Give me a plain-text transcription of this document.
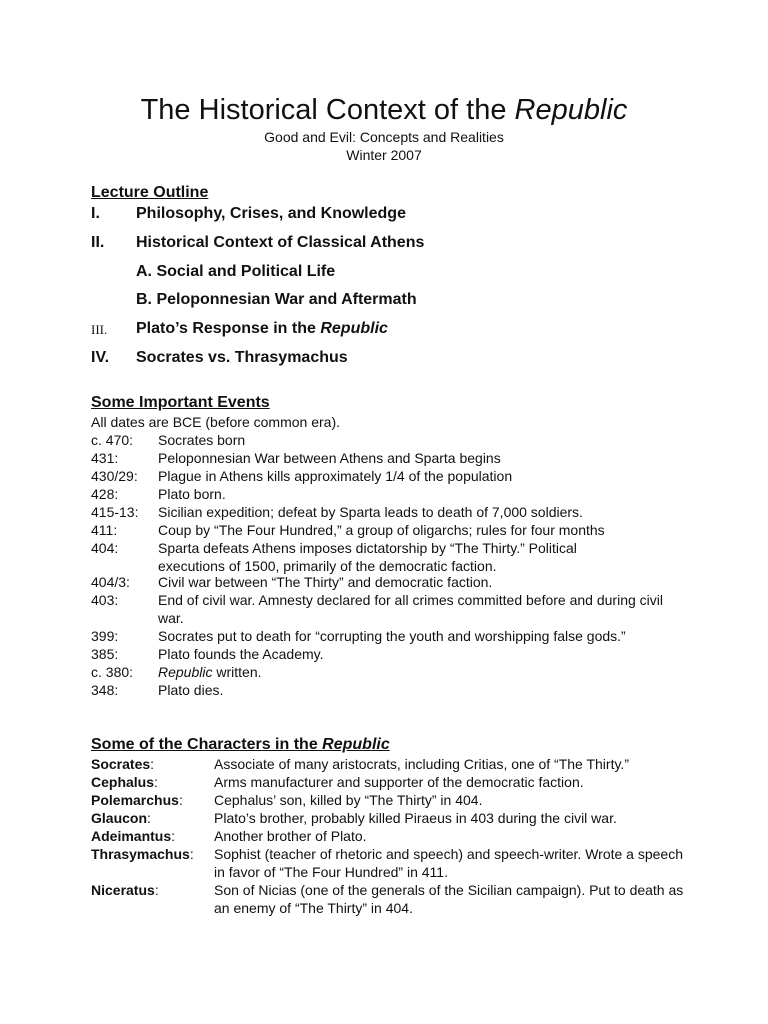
The Historical Context of the Republic
Good and Evil: Concepts and Realities
Winter 2007
Lecture Outline
I. Philosophy, Crises, and Knowledge
II. Historical Context of Classical Athens
A. Social and Political Life
B. Peloponnesian War and Aftermath
III. Plato’s Response in the Republic
IV. Socrates vs. Thrasymachus
Some Important Events
All dates are BCE (before common era).
c. 470: Socrates born
431:	Peloponnesian War between Athens and Sparta begins
430/29: Plague in Athens kills approximately 1/4 of the population
428:	Plato born.
415-13: Sicilian expedition; defeat by Sparta leads to death of 7,000 soldiers.
411:	Coup by “The Four Hundred,” a group of oligarchs; rules for four months
404:	Sparta defeats Athens imposes dictatorship by “The Thirty.” Political executions of 1500, primarily of the democratic faction.
404/3: Civil war between “The Thirty” and democratic faction.
403:	End of civil war. Amnesty declared for all crimes committed before and during civil war.
399:	Socrates put to death for “corrupting the youth and worshipping false gods.”
385:	Plato founds the Academy.
c. 380: Republic written.
348:	Plato dies.
Some of the Characters in the Republic
Socrates:	Associate of many aristocrats, including Critias, one of “The Thirty.”
Cephalus:	Arms manufacturer and supporter of the democratic faction.
Polemarchus: Cephalus’ son, killed by “The Thirty” in 404.
Glaucon:	Plato’s brother, probably killed Piraeus in 403 during the civil war.
Adeimantus:	Another brother of Plato.
Thrasymachus: Sophist (teacher of rhetoric and speech) and speech-writer. Wrote a speech in favor of “The Four Hundred” in 411.
Niceratus:	Son of Nicias (one of the generals of the Sicilian campaign). Put to death as an enemy of “The Thirty” in 404.
